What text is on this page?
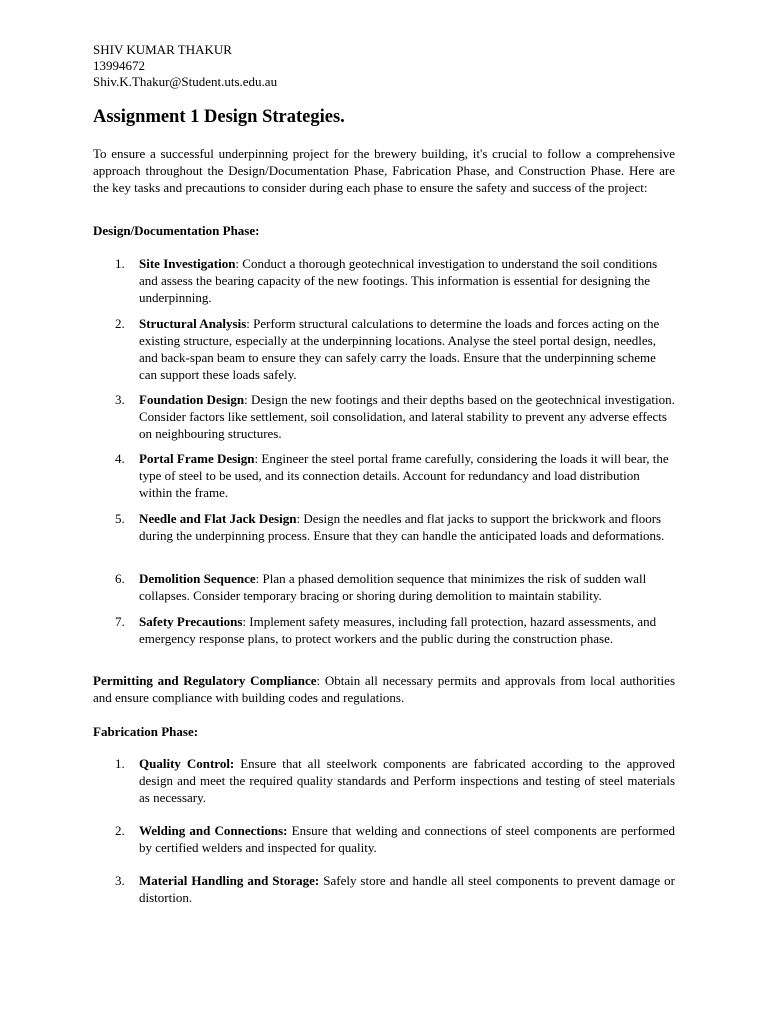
SHIV KUMAR THAKUR
13994672
Shiv.K.Thakur@Student.uts.edu.au
Assignment 1 Design Strategies.

To ensure a successful underpinning project for the brewery building, it's crucial to follow a comprehensive approach throughout the Design/Documentation Phase, Fabrication Phase, and Construction Phase. Here are the key tasks and precautions to consider during each phase to ensure the safety and success of the project:

Design/Documentation Phase:

1. Site Investigation: Conduct a thorough geotechnical investigation to understand the soil conditions and assess the bearing capacity of the new footings. This information is essential for designing the underpinning.
2. Structural Analysis: Perform structural calculations to determine the loads and forces acting on the existing structure, especially at the underpinning locations. Analyse the steel portal design, needles, and back-span beam to ensure they can safely carry the loads. Ensure that the underpinning scheme can support these loads safely.
3. Foundation Design: Design the new footings and their depths based on the geotechnical investigation. Consider factors like settlement, soil consolidation, and lateral stability to prevent any adverse effects on neighbouring structures.
4. Portal Frame Design: Engineer the steel portal frame carefully, considering the loads it will bear, the type of steel to be used, and its connection details. Account for redundancy and load distribution within the frame.
5. Needle and Flat Jack Design: Design the needles and flat jacks to support the brickwork and floors during the underpinning process. Ensure that they can handle the anticipated loads and deformations.
6. Demolition Sequence: Plan a phased demolition sequence that minimizes the risk of sudden wall collapses. Consider temporary bracing or shoring during demolition to maintain stability.
7. Safety Precautions: Implement safety measures, including fall protection, hazard assessments, and emergency response plans, to protect workers and the public during the construction phase.

Permitting and Regulatory Compliance: Obtain all necessary permits and approvals from local authorities and ensure compliance with building codes and regulations.

Fabrication Phase:

1. Quality Control: Ensure that all steelwork components are fabricated according to the approved design and meet the required quality standards and Perform inspections and testing of steel materials as necessary.
2. Welding and Connections: Ensure that welding and connections of steel components are performed by certified welders and inspected for quality.
3. Material Handling and Storage: Safely store and handle all steel components to prevent damage or distortion.
